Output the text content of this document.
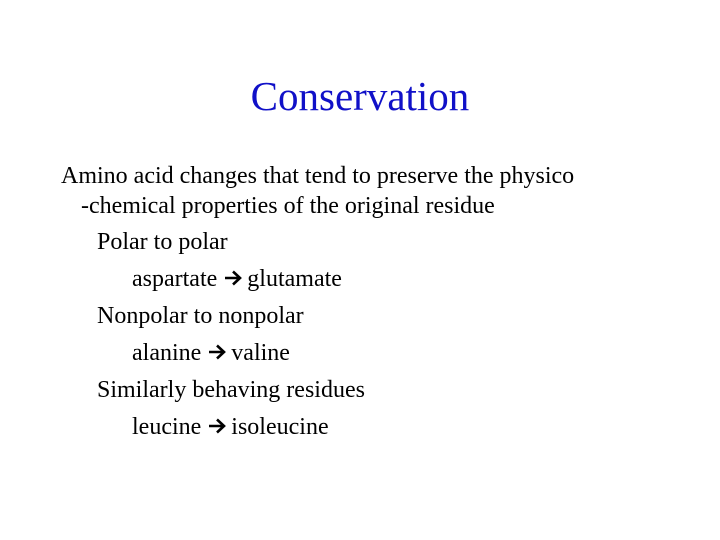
Conservation
Amino acid changes that tend to preserve the physico
-chemical properties of the original residue
Polar to polar
aspartate glutamate
Nonpolar to nonpolar
alanine valine
Similarly behaving residues
leucine isoleucine
